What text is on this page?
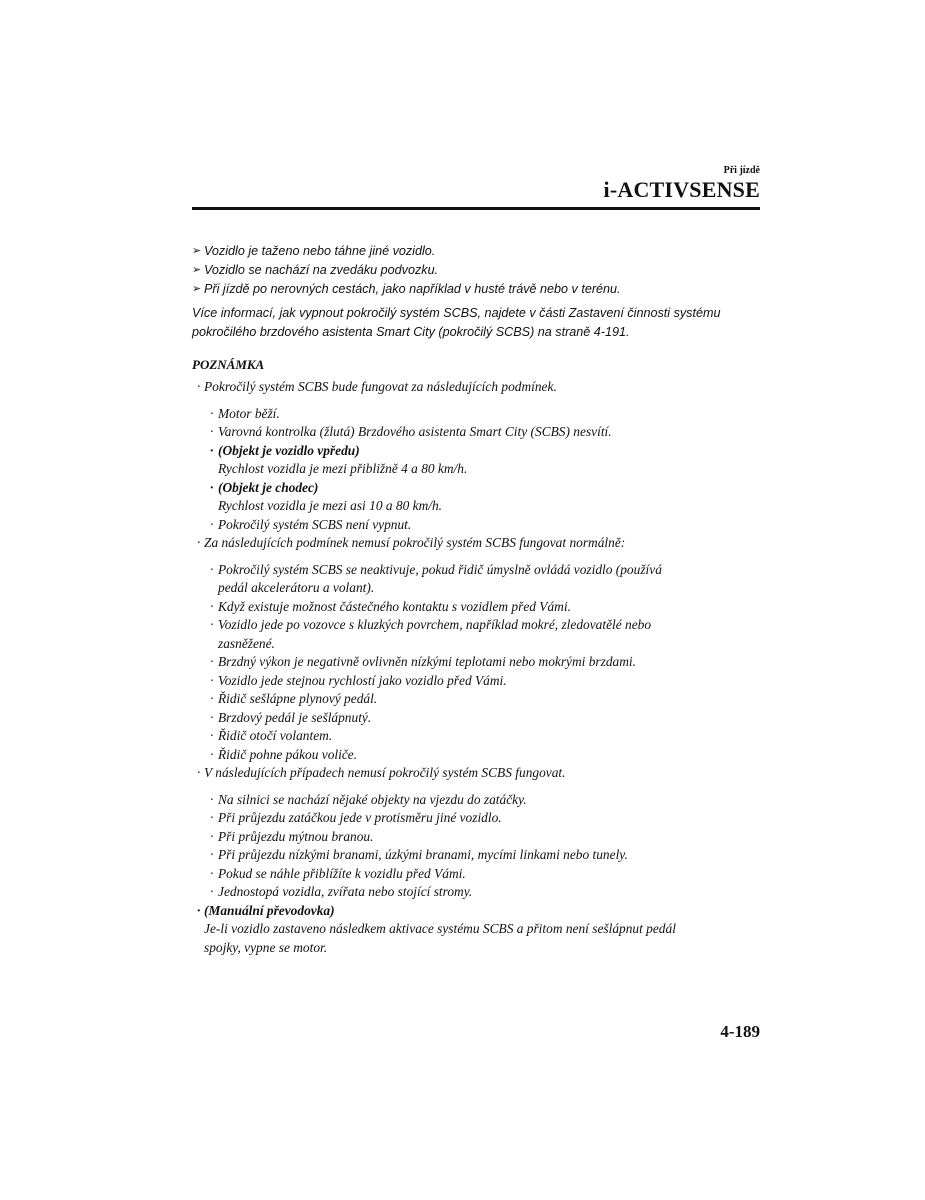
Při jízdě
i-ACTIVSENSE
➢ Vozidlo je taženo nebo táhne jiné vozidlo.
➢ Vozidlo se nachází na zvedáku podvozku.
➢ Při jízdě po nerovných cestách, jako například v husté trávě nebo v terénu.
Více informací, jak vypnout pokročilý systém SCBS, najdete v části Zastavení činnosti systému
pokročilého brzdového asistenta Smart City (pokročilý SCBS) na straně 4-191.
POZNÁMKA
· Pokročilý systém SCBS bude fungovat za následujících podmínek.
· Motor běží.
· Varovná kontrolka (žlutá) Brzdového asistenta Smart City (SCBS) nesvítí.
· (Objekt je vozidlo vpředu)
Rychlost vozidla je mezi přibližně 4 a 80 km/h.
· (Objekt je chodec)
Rychlost vozidla je mezi asi 10 a 80 km/h.
· Pokročilý systém SCBS není vypnut.
· Za následujících podmínek nemusí pokročilý systém SCBS fungovat normálně:
· Pokročilý systém SCBS se neaktivuje, pokud řidič úmyslně ovládá vozidlo (používá
pedál akcelerátoru a volant).
· Když existuje možnost částečného kontaktu s vozidlem před Vámi.
· Vozidlo jede po vozovce s kluzkých povrchem, například mokré, zledovatělé nebo
zasněžené.
· Brzdný výkon je negativně ovlivněn nízkými teplotami nebo mokrými brzdami.
· Vozidlo jede stejnou rychlostí jako vozidlo před Vámi.
· Řidič sešlápne plynový pedál.
· Brzdový pedál je sešlápnutý.
· Řidič otočí volantem.
· Řidič pohne pákou voliče.
· V následujících případech nemusí pokročilý systém SCBS fungovat.
· Na silnici se nachází nějaké objekty na vjezdu do zatáčky.
· Při průjezdu zatáčkou jede v protisměru jiné vozidlo.
· Při průjezdu mýtnou branou.
· Při průjezdu nízkými branami, úzkými branami, mycími linkami nebo tunely.
· Pokud se náhle přiblížíte k vozidlu před Vámi.
· Jednostopá vozidla, zvířata nebo stojící stromy.
· (Manuální převodovka)
Je-li vozidlo zastaveno následkem aktivace systému SCBS a přitom není sešlápnut pedál
spojky, vypne se motor.
4-189
